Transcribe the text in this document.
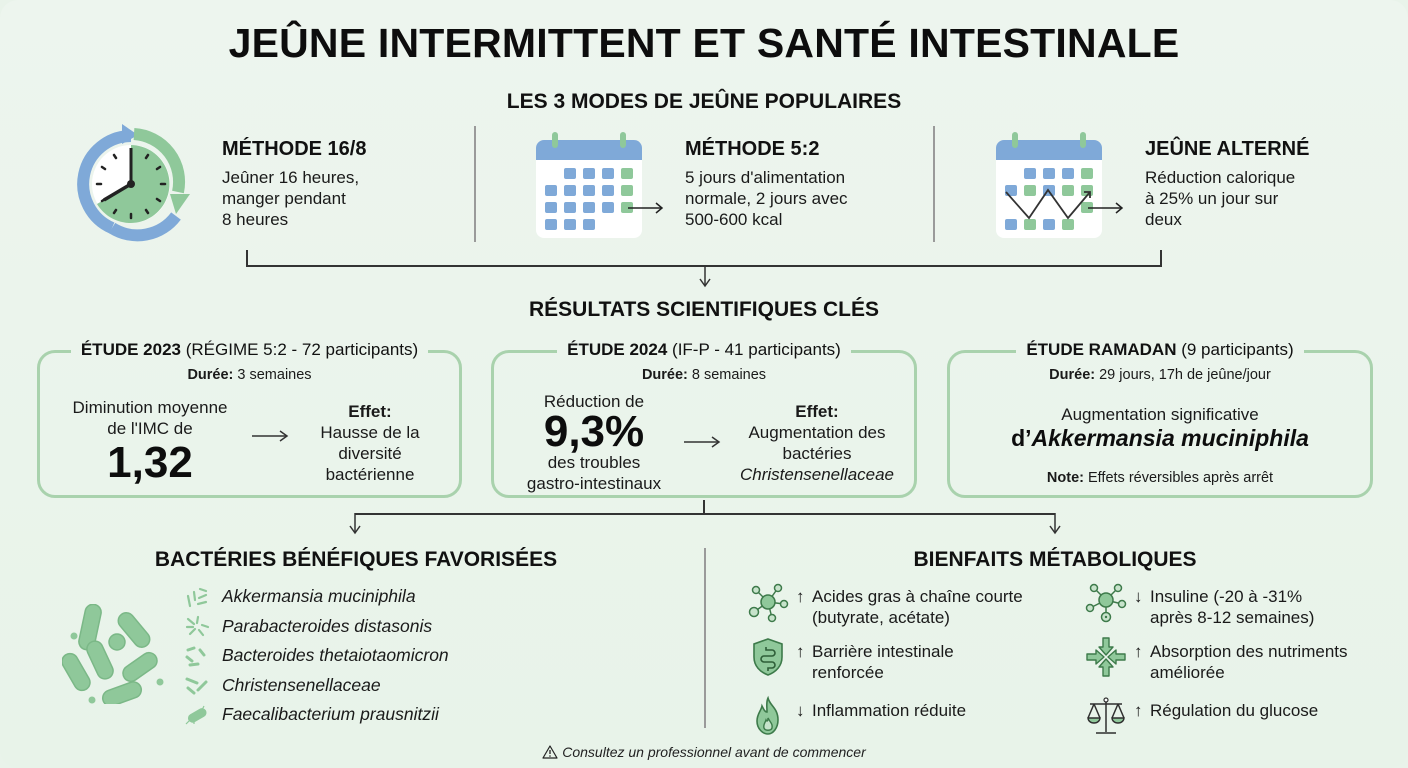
JEÛNE INTERMITTENT ET SANTÉ INTESTINALE
LES 3 MODES DE JEÛNE POPULAIRES
MÉTHODE 16/8
Jeûner 16 heures,
manger pendant
8 heures
MÉTHODE 5:2
5 jours d'alimentation
normale, 2 jours avec
500-600 kcal
JEÛNE ALTERNÉ
Réduction calorique
à 25% un jour sur
deux
RÉSULTATS SCIENTIFIQUES CLÉS
ÉTUDE 2023 (RÉGIME 5:2 - 72 participants)
Durée: 3 semaines
Diminution moyenne
de l'IMC de
1,32
Effet:
Hausse de la
diversité
bactérienne
ÉTUDE 2024 (IF-P - 41 participants)
Durée: 8 semaines
Réduction de
9,3%
des troubles
gastro-intestinaux
Effet:
Augmentation des
bactéries
Christensenellaceae
ÉTUDE RAMADAN (9 participants)
Durée: 29 jours, 17h de jeûne/jour
Augmentation significative
d’Akkermansia muciniphila
Note: Effets réversibles après arrêt
BACTÉRIES BÉNÉFIQUES FAVORISÉES
Akkermansia muciniphila
Parabacteroides distasonis
Bacteroides thetaiotaomicron
Christensenellaceae
Faecalibacterium prausnitzii
BIENFAITS MÉTABOLIQUES
↑ Acides gras à chaîne courte
(butyrate, acétate)
↓ Insuline (-20 à -31%
après 8-12 semaines)
↑ Barrière intestinale
renforcée
↑ Absorption des nutriments
améliorée
↓ Inflammation réduite	↑ Régulation du glucose
Consultez un professionnel avant de commencer
